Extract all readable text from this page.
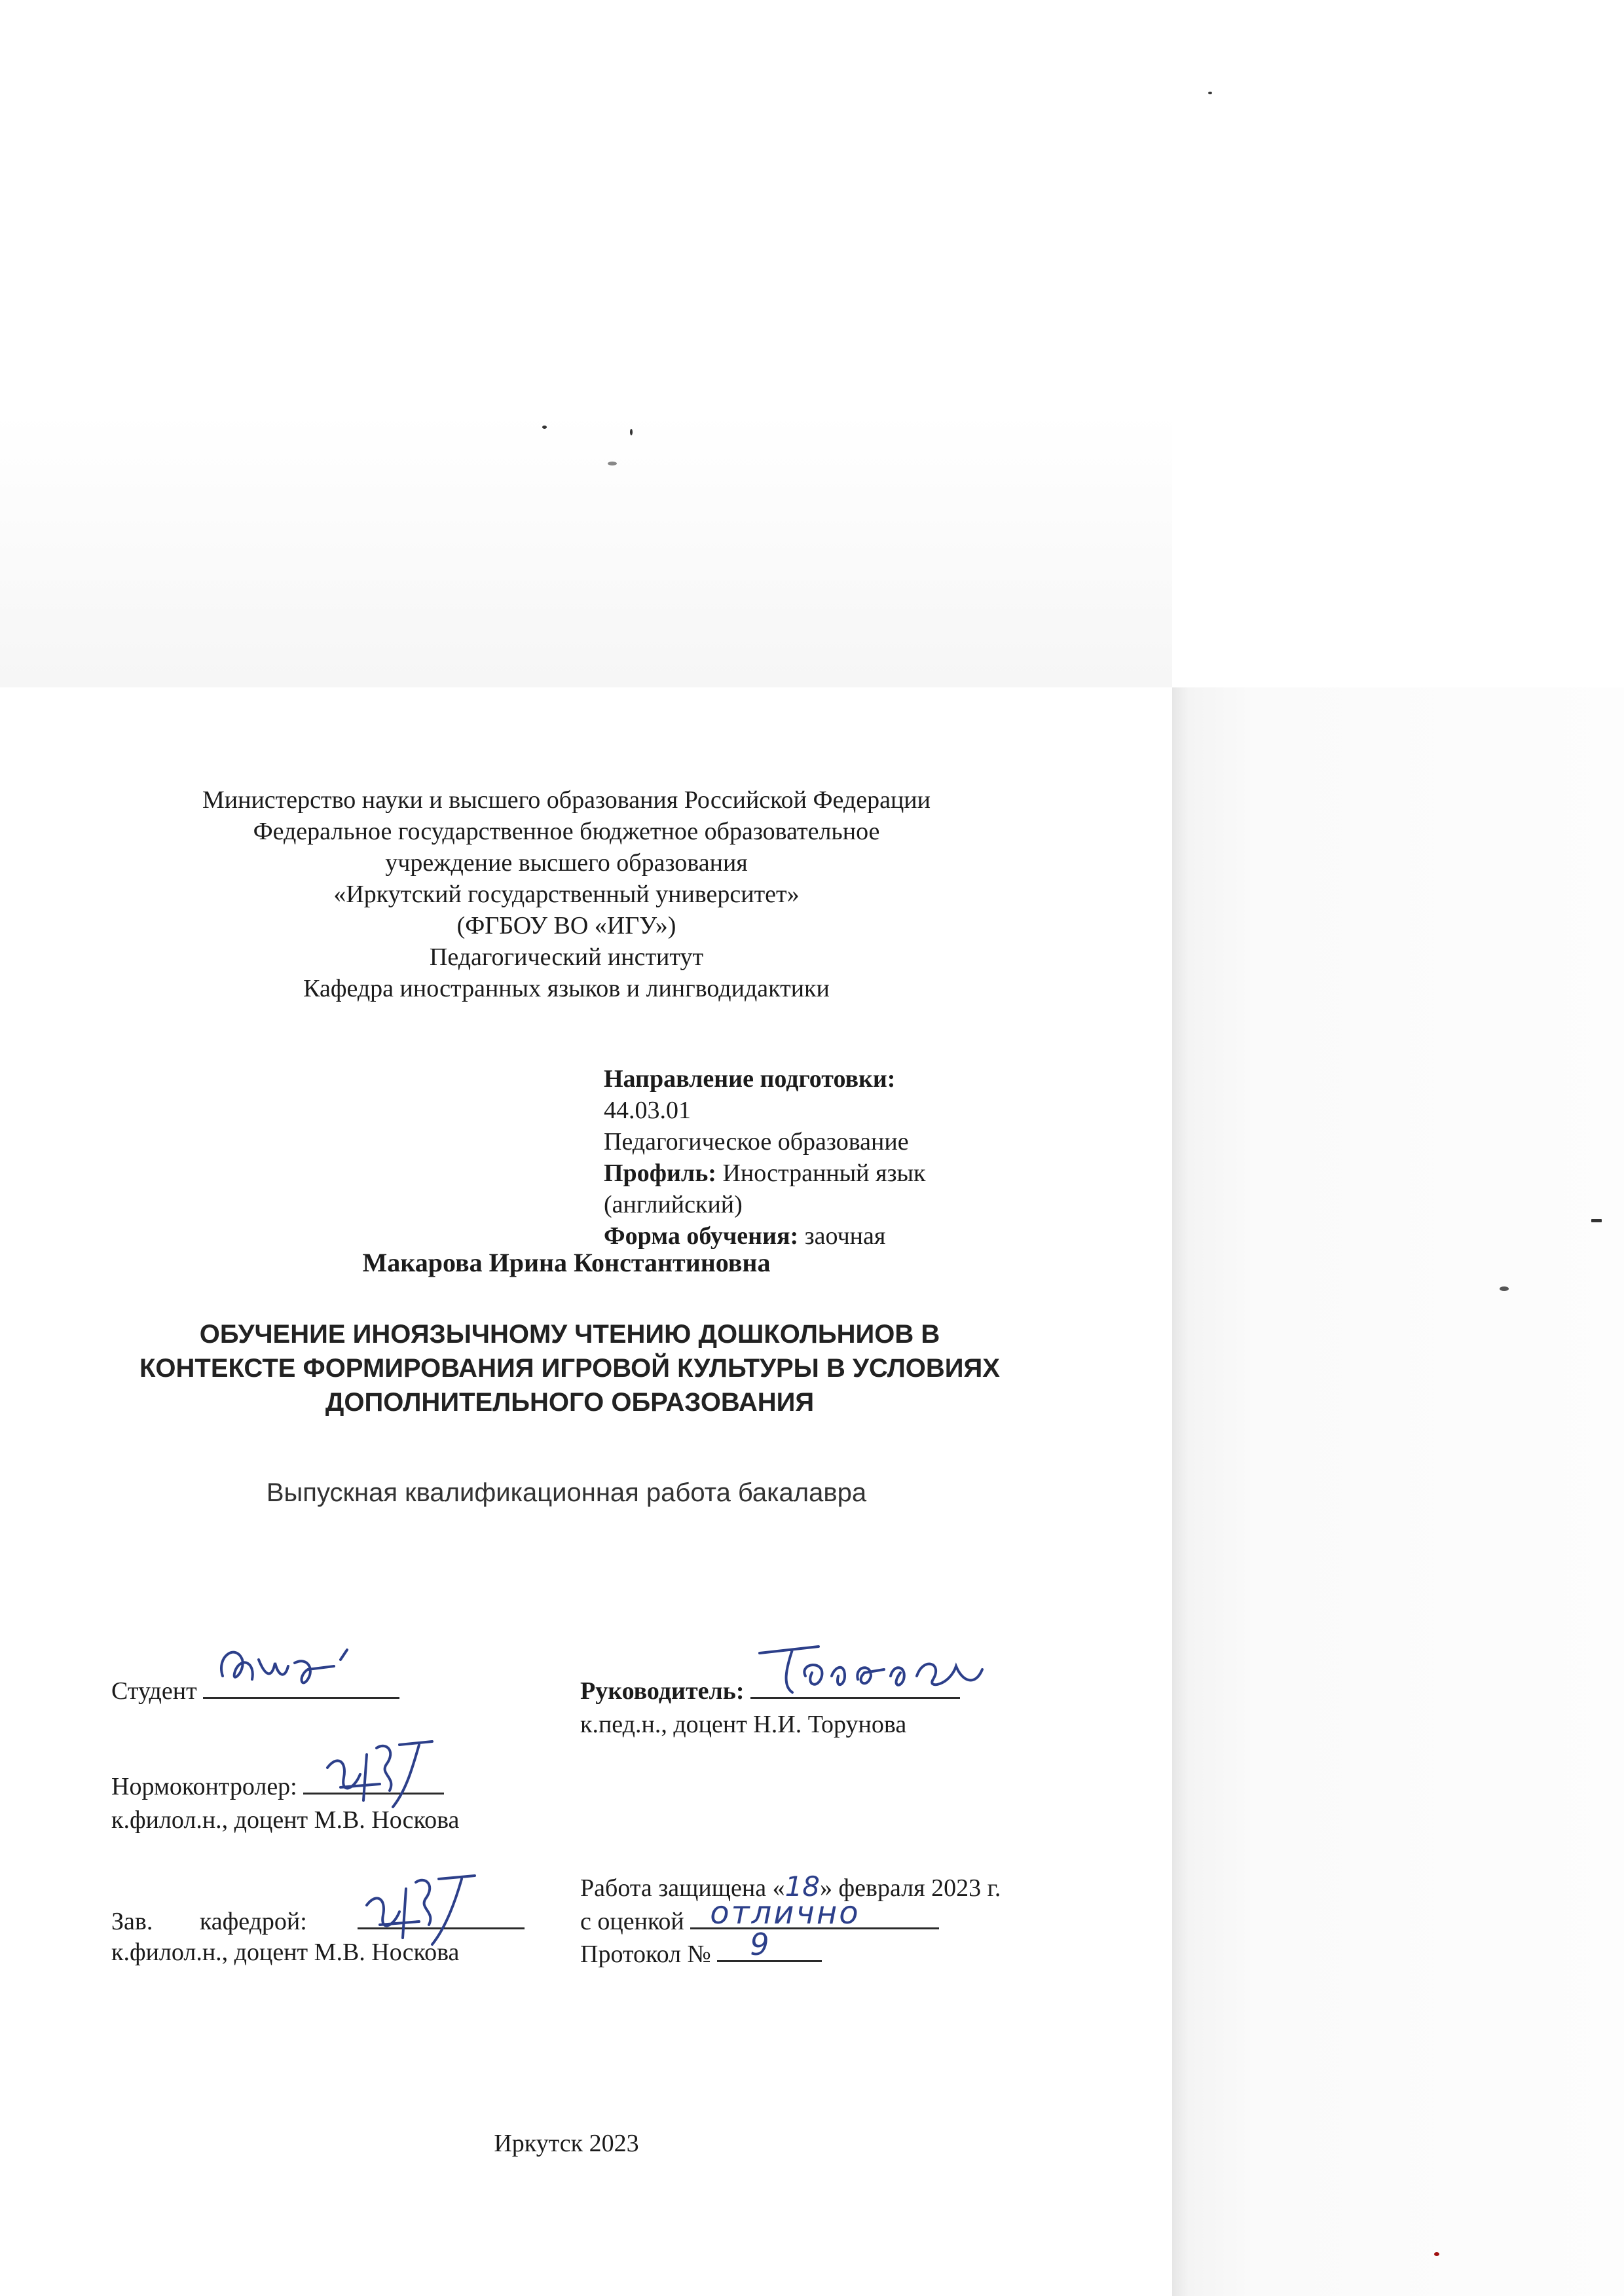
Министерство науки и высшего образования Российской Федерации
Федеральное государственное бюджетное образовательное
учреждение высшего образования
«Иркутский государственный университет»
(ФГБОУ ВО «ИГУ»)
Педагогический институт
Кафедра иностранных языков и лингводидактики
Направление подготовки: 44.03.01
Педагогическое образование
Профиль: Иностранный язык
(английский)
Форма обучения: заочная
Макарова Ирина Константиновна
ОБУЧЕНИЕ ИНОЯЗЫЧНОМУ ЧТЕНИЮ ДОШКОЛЬНИОВ В
КОНТЕКСТЕ ФОРМИРОВАНИЯ ИГРОВОЙ КУЛЬТУРЫ В УСЛОВИЯХ
ДОПОЛНИТЕЛЬНОГО ОБРАЗОВАНИЯ
Выпускная квалификационная работа бакалавра
Студент	Руководитель:
к.пед.н., доцент Н.И. Торунова
Нормоконтролер:
к.филол.н., доцент М.В. Носкова
Работа защищена «18» февраля 2023 г.
с оценкой отлично
Протокол № 9
Зав. кафедрой:
к.филол.н., доцент М.В. Носкова
Иркутск 2023
